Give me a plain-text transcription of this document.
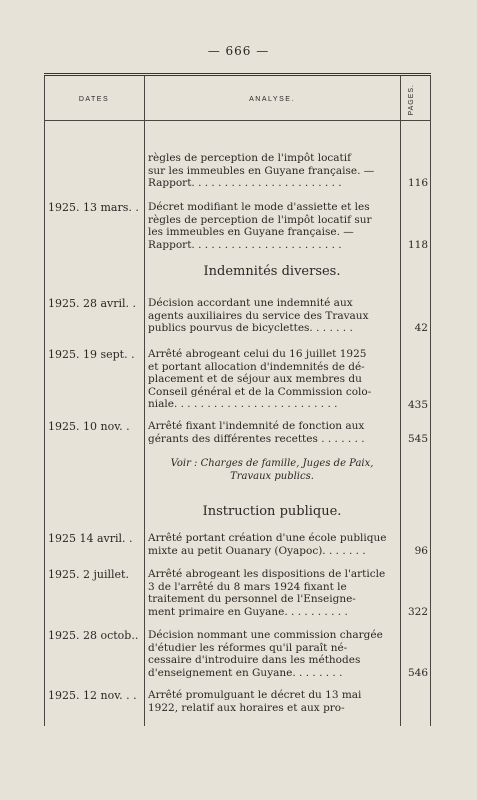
— 666 —
DATES	ANALYSE.	PAGES.
règles de perception de l'impôt locatif
sur les immeubles en Guyane française. —
Rapport. . . . . . . . . . . . . . . . . . . . . . .	116
1925. 13 mars. . Décret modifiant le mode d'assiette et les
règles de perception de l'impôt locatif sur
les immeubles en Guyane française. —
Rapport. . . . . . . . . . . . . . . . . . . . . . .	118
Indemnités diverses.
1925. 28 avril. .	Décision accordant une indemnité aux
agents auxiliaires du service des Travaux
publics pourvus de bicyclettes. . . . . . .	42
1925. 19 sept. .	Arrêté abrogeant celui du 16 juillet 1925
et portant allocation d'indemnités de dé-
placement et de séjour aux membres du
Conseil général et de la Commission colo-
niale. . . . . . . . . . . . . . . . . . . . . . . . .	435
1925. 10 nov. .	Arrêté fixant l'indemnité de fonction aux
gérants des différentes recettes . . . . . . .	545
Voir : Charges de famille, Juges de Paix,
Travaux publics.
Instruction publique.
1925 14 avril. .	Arrêté portant création d'une école publique
mixte au petit Ouanary (Oyapoc). . . . . . .	96
1925. 2 juillet.	Arrêté abrogeant les dispositions de l'article
3 de l'arrêté du 8 mars 1924 fixant le
traitement du personnel de l'Enseigne-
ment primaire en Guyane. . . . . . . . . .	322
1925. 28 octob.. Décision nommant une commission chargée
d'étudier les réformes qu'il paraît né-
cessaire d'introduire dans les méthodes
d'enseignement en Guyane. . . . . . . .	546
1925. 12 nov. . .	Arrêté promulguant le décret du 13 mai
1922, relatif aux horaires et aux pro-
